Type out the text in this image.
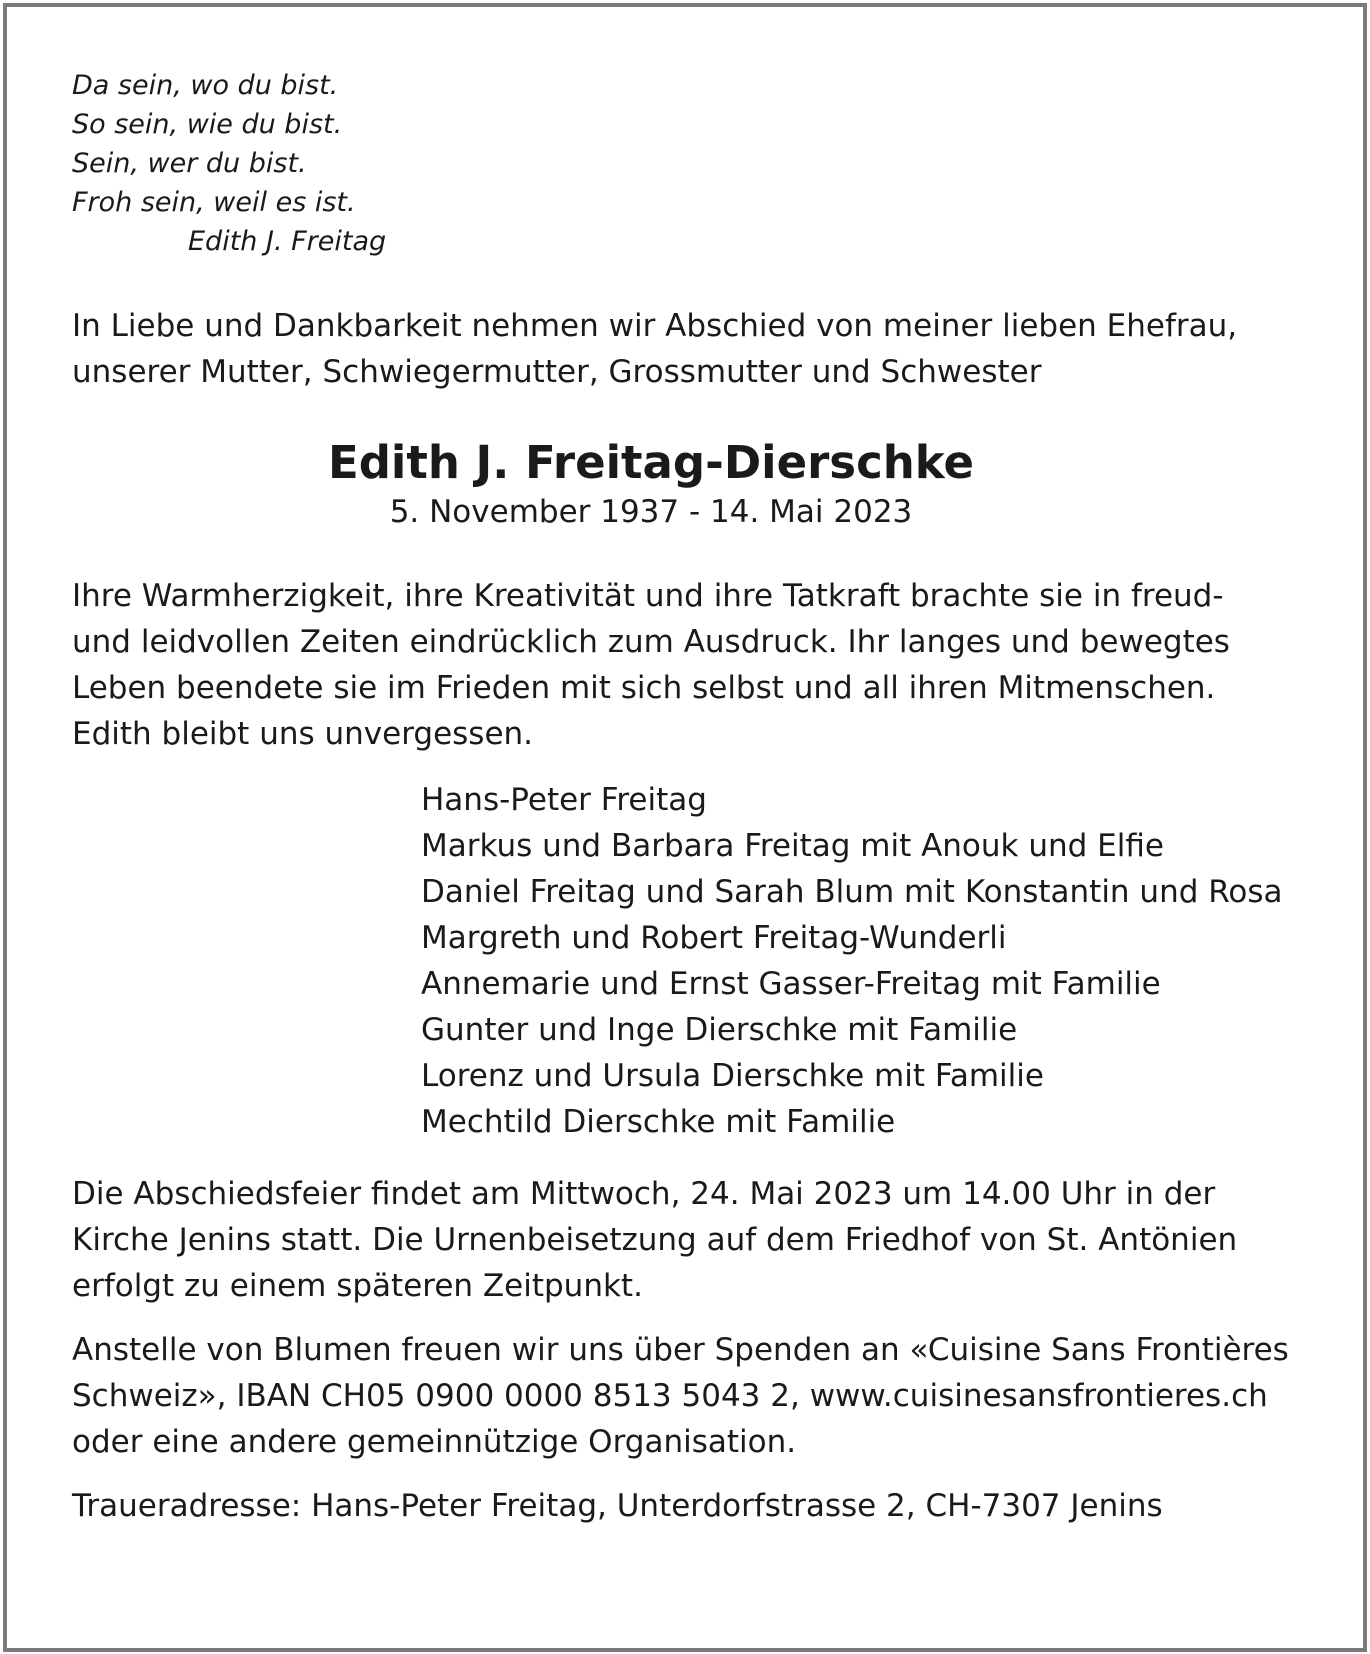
Da sein, wo du bist.
So sein, wie du bist.
Sein, wer du bist.
Froh sein, weil es ist.
Edith J. Freitag

In Liebe und Dankbarkeit nehmen wir Abschied von meiner lieben Ehefrau,
unserer Mutter, Schwiegermutter, Grossmutter und Schwester

Edith J. Freitag-Dierschke
5. November 1937 - 14. Mai 2023

Ihre Warmherzigkeit, ihre Kreativität und ihre Tatkraft brachte sie in freud-
und leidvollen Zeiten eindrücklich zum Ausdruck. Ihr langes und bewegtes
Leben beendete sie im Frieden mit sich selbst und all ihren Mitmenschen.
Edith bleibt uns unvergessen.

Hans-Peter Freitag
Markus und Barbara Freitag mit Anouk und Elfie
Daniel Freitag und Sarah Blum mit Konstantin und Rosa
Margreth und Robert Freitag-Wunderli
Annemarie und Ernst Gasser-Freitag mit Familie
Gunter und Inge Dierschke mit Familie
Lorenz und Ursula Dierschke mit Familie
Mechtild Dierschke mit Familie

Die Abschiedsfeier findet am Mittwoch, 24. Mai 2023 um 14.00 Uhr in der
Kirche Jenins statt. Die Urnenbeisetzung auf dem Friedhof von St. Antönien
erfolgt zu einem späteren Zeitpunkt.

Anstelle von Blumen freuen wir uns über Spenden an «Cuisine Sans Frontières
Schweiz», IBAN CH05 0900 0000 8513 5043 2, www.cuisinesansfrontieres.ch
oder eine andere gemeinnützige Organisation.

Traueradresse: Hans-Peter Freitag, Unterdorfstrasse 2, CH-7307 Jenins
